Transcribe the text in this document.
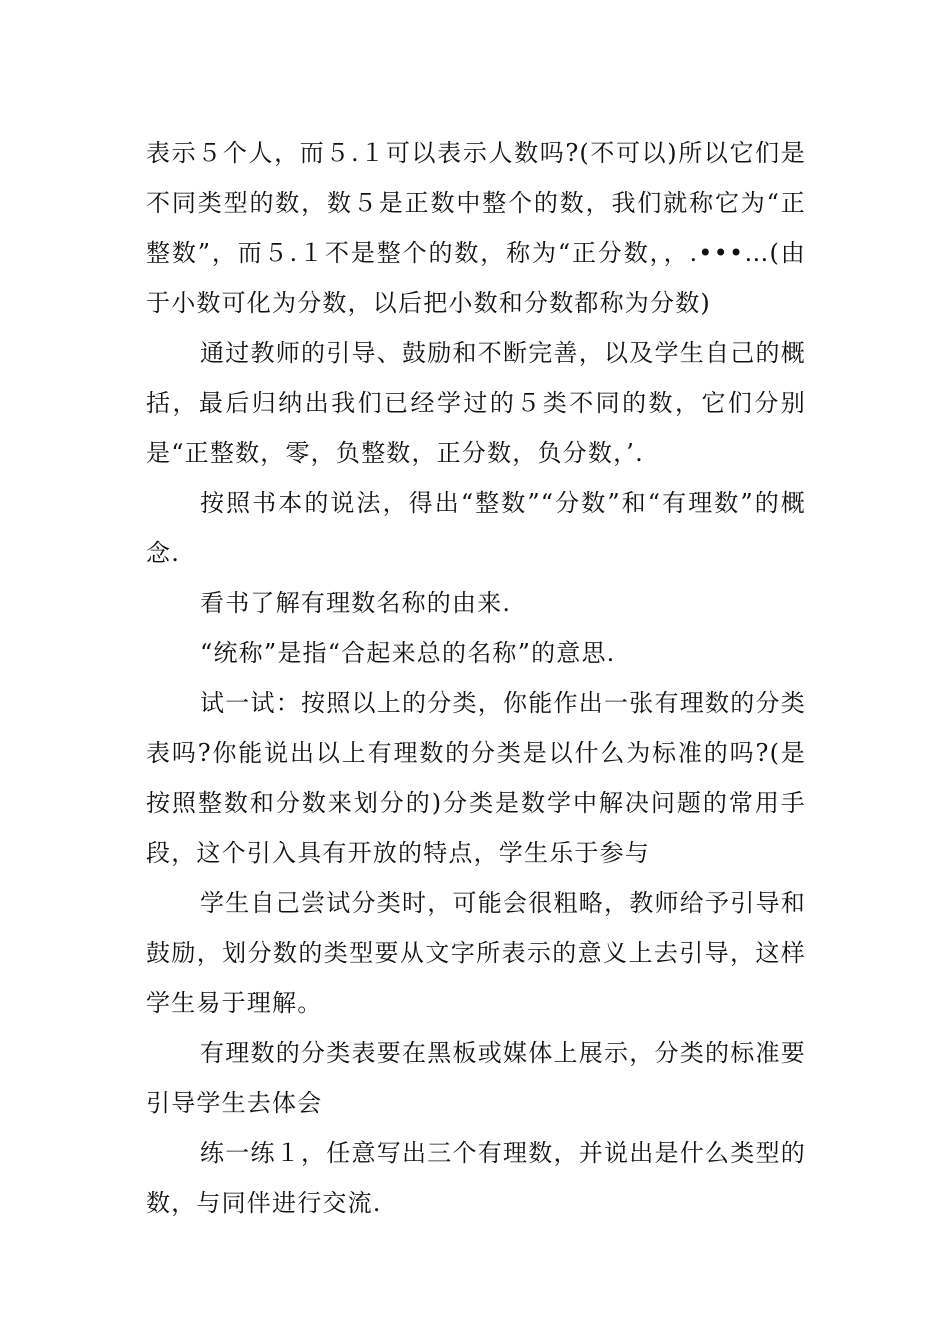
表示５个人，而５.１可以表示人数吗?(不可以)所以它们是不同类型的数，数５是正数中整个的数，我们就称它为“正整数”，而５.１不是整个的数，称为“正分数，，.•••…(由于小数可化为分数，以后把小数和分数都称为分数)

通过教师的引导、鼓励和不断完善，以及学生自己的概括，最后归纳出我们已经学过的５类不同的数，它们分别是“正整数，零，负整数，正分数，负分数，’.

按照书本的说法，得出“整数”“分数”和“有理数”的概念.

看书了解有理数名称的由来.

“统称”是指“合起来总的名称”的意思.

试一试：按照以上的分类，你能作出一张有理数的分类表吗?你能说出以上有理数的分类是以什么为标准的吗?(是按照整数和分数来划分的)分类是数学中解决问题的常用手段，这个引入具有开放的特点，学生乐于参与

学生自己尝试分类时，可能会很粗略，教师给予引导和鼓励，划分数的类型要从文字所表示的意义上去引导，这样学生易于理解。

有理数的分类表要在黑板或媒体上展示，分类的标准要引导学生去体会

练一练１，任意写出三个有理数，并说出是什么类型的数，与同伴进行交流.
